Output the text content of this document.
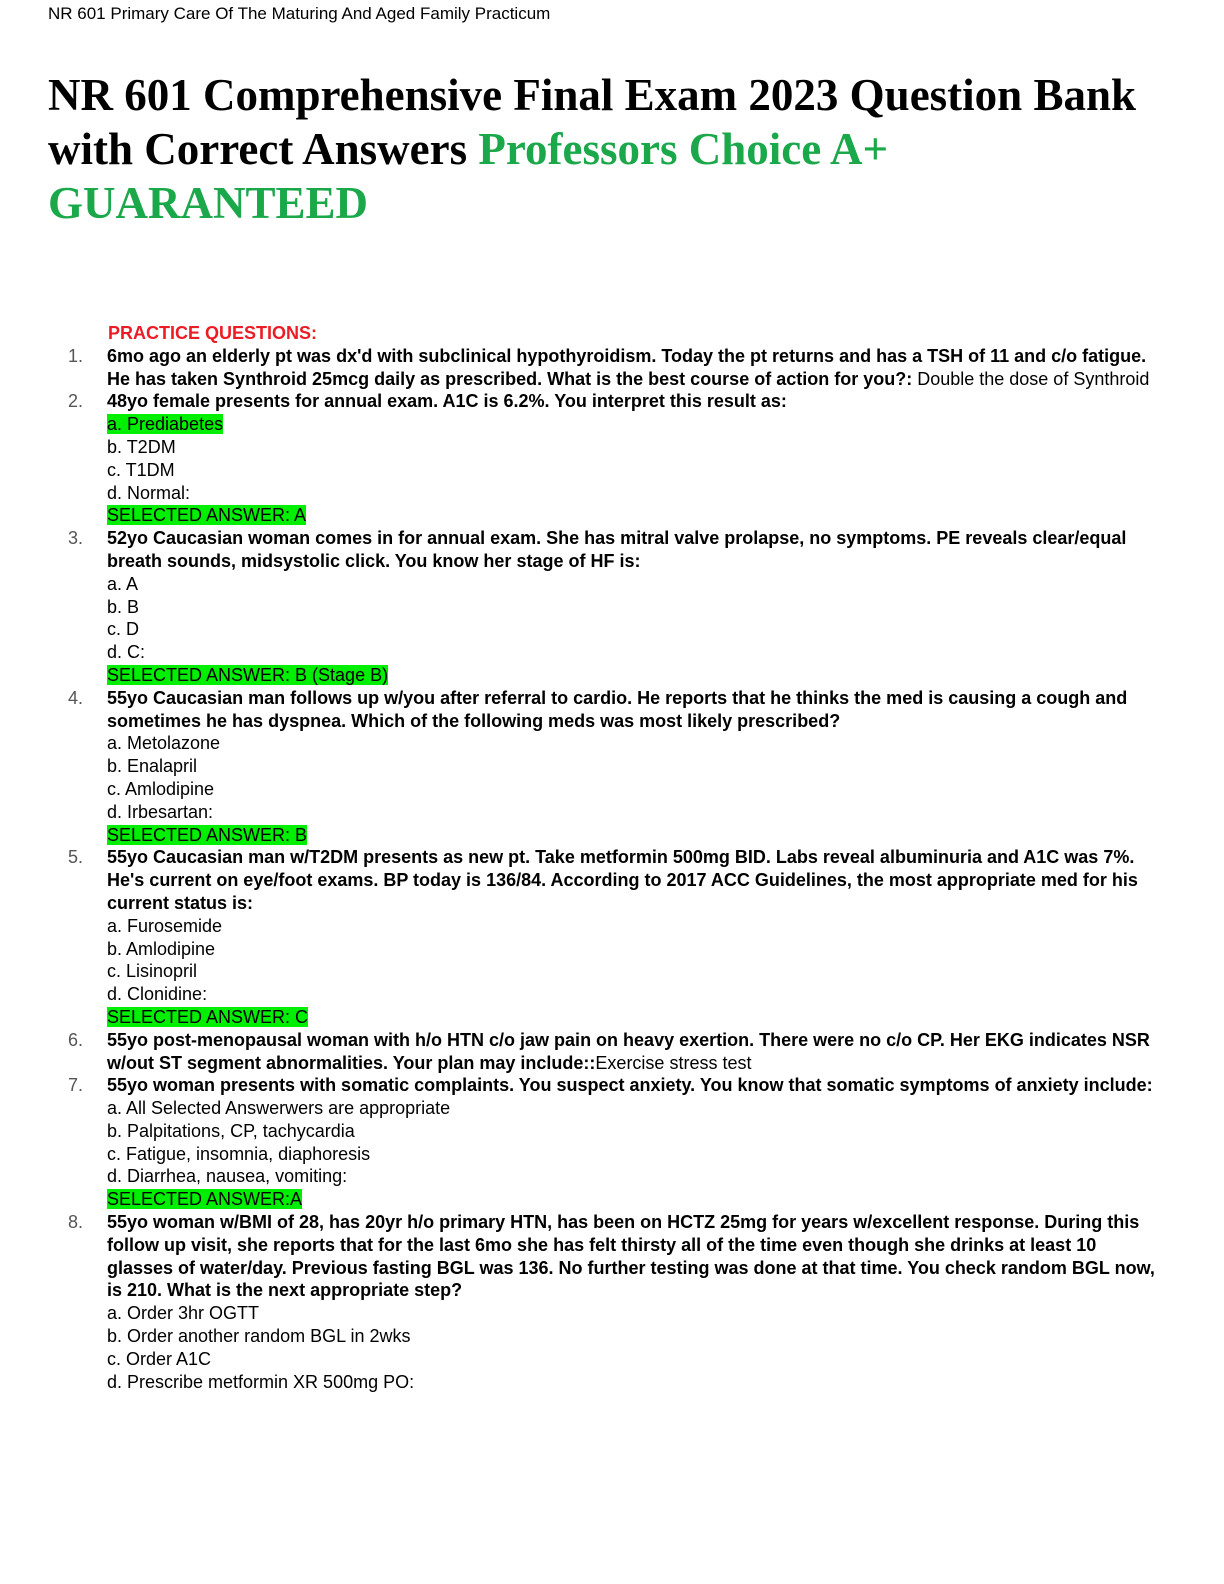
NR 601 Primary Care Of The Maturing And Aged Family Practicum
NR 601 Comprehensive Final Exam 2023 Question Bank with Correct Answers Professors Choice A+ GUARANTEED
PRACTICE QUESTIONS:
1. 6mo ago an elderly pt was dx'd with subclinical hypothyroidism. Today the pt returns and has a TSH of 11 and c/o fatigue. He has taken Synthroid 25mcg daily as prescribed. What is the best course of action for you?: Double the dose of Synthroid
2. 48yo female presents for annual exam. A1C is 6.2%. You interpret this result as:
a. Prediabetes
b. T2DM
c. T1DM
d. Normal:
SELECTED ANSWER: A
3. 52yo Caucasian woman comes in for annual exam. She has mitral valve prolapse, no symptoms. PE reveals clear/equal breath sounds, midsystolic click. You know her stage of HF is:
a. A
b. B
c. D
d. C:
SELECTED ANSWER: B (Stage B)
4. 55yo Caucasian man follows up w/you after referral to cardio. He reports that he thinks the med is causing a cough and sometimes he has dyspnea. Which of the following meds was most likely prescribed?
a. Metolazone
b. Enalapril
c. Amlodipine
d. Irbesartan:
SELECTED ANSWER: B
5. 55yo Caucasian man w/T2DM presents as new pt. Take metformin 500mg BID. Labs reveal albuminuria and A1C was 7%. He's current on eye/foot exams. BP today is 136/84. According to 2017 ACC Guidelines, the most appropriate med for his current status is:
a. Furosemide
b. Amlodipine
c. Lisinopril
d. Clonidine:
SELECTED ANSWER: C
6. 55yo post-menopausal woman with h/o HTN c/o jaw pain on heavy exertion. There were no c/o CP. Her EKG indicates NSR w/out ST segment abnormalities. Your plan may include::Exercise stress test
7. 55yo woman presents with somatic complaints. You suspect anxiety. You know that somatic symptoms of anxiety include:
a. All Selected Answerwers are appropriate
b. Palpitations, CP, tachycardia
c. Fatigue, insomnia, diaphoresis
d. Diarrhea, nausea, vomiting:
SELECTED ANSWER:A
8. 55yo woman w/BMI of 28, has 20yr h/o primary HTN, has been on HCTZ 25mg for years w/excellent response. During this follow up visit, she reports that for the last 6mo she has felt thirsty all of the time even though she drinks at least 10 glasses of water/day. Previous fasting BGL was 136. No further testing was done at that time. You check random BGL now, is 210. What is the next appropriate step?
a. Order 3hr OGTT
b. Order another random BGL in 2wks
c. Order A1C
d. Prescribe metformin XR 500mg PO:
